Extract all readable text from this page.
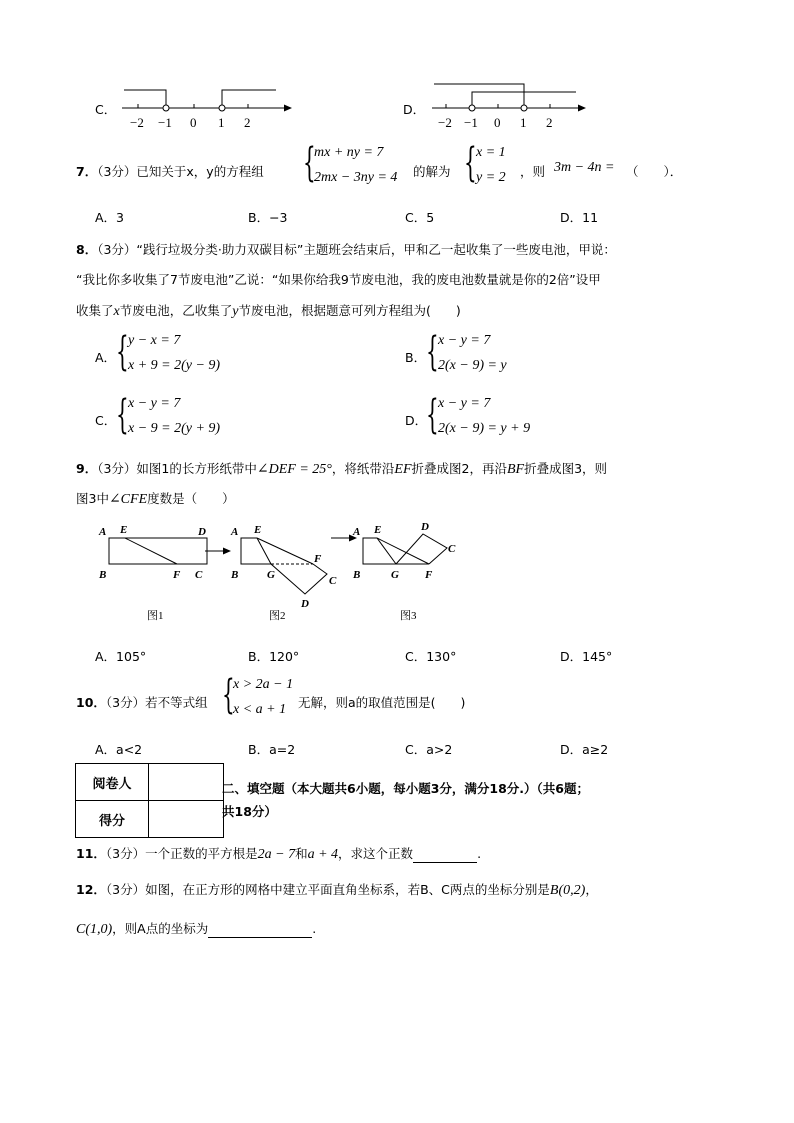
C．
−2 −1 0 1 2
D．
−2 −1 0 1 2
7．（3分）已知关于x，y的方程组 {
mx + ny = 7
2mx − 3ny = 4 的解为 { x = 1
y = 2 ，则 3m − 4n = （　　）．
A．3	B．−3	C．5	D．11
8．（3分）“践行垃圾分类·助力双碳目标”主题班会结束后，甲和乙一起收集了一些废电池，甲说：
“我比你多收集了7节废电池”乙说：“如果你给我9节废电池，我的废电池数量就是你的2倍”设甲
收集了x节废电池，乙收集了y节废电池，根据题意可列方程组为(　　)
A． { y − x = 7
x + 9 = 2(y − 9)
B． { x − y = 7
2(x − 9) = y
C． { x − y = 7
x − 9 = 2(y + 9)
D．
{ x − y = 7
2(x − 9) = y + 9
9．（3分）如图1的长方形纸带中∠DEF = 25°，将纸带沿EF折叠成图2，再沿BF折叠成图3，则
图3中∠CFE度数是（　　）
A E	D
B	F C
A E
B	G
F
C
D
A E	D
C
B	G F
图1	图2	图3
A．105°	B．120°	C．130°	D．145°
10．（3分）若不等式组 {
x > 2a − 1
x < a + 1 无解，则a的取值范围是(　　)
A．a<2	B．a=2	C．a>2	D．a≥2
阅卷人	
得分	
二、填空题（本大题共6小题，每小题3分，满分18分.）（共6题；
共18分）
11．（3分）一个正数的平方根是2a − 7和a + 4，求这个正数	.
12．（3分）如图，在正方形的网格中建立平面直角坐标系，若B、C两点的坐标分别是B(0,2)，
C(1,0)，则A点的坐标为	.
